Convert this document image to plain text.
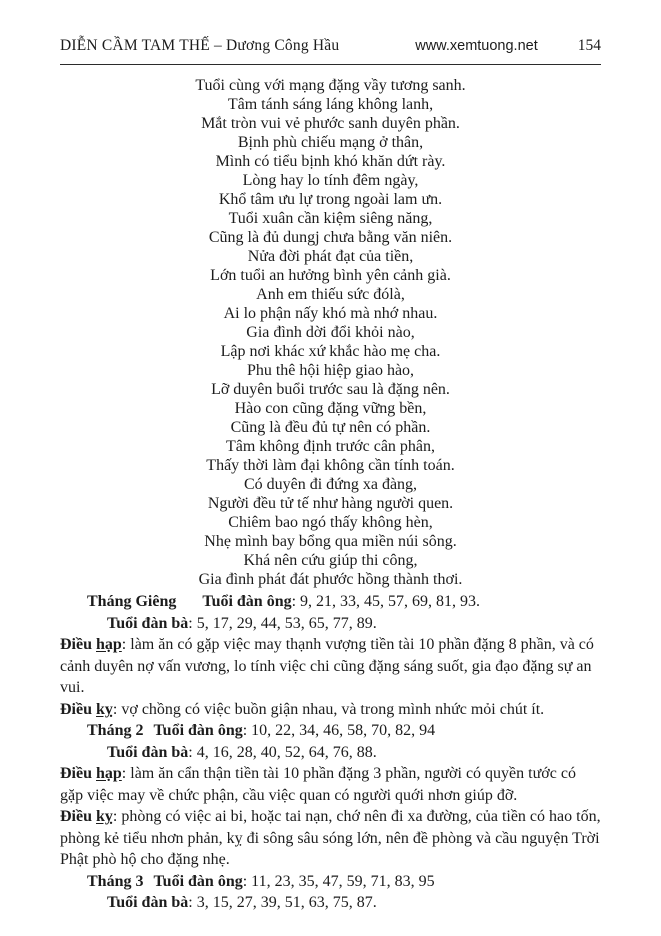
DIỄN CẦM TAM THẾ – Dương Công Hầu	www.xemtuong.net	154
Tuổi cùng với mạng đặng vầy tương sanh.
Tâm tánh sáng láng không lanh,
Mắt tròn vui vẻ phước sanh duyên phần.
Bịnh phù chiếu mạng ở thân,
Mình có tiểu bịnh khó khăn dứt rày.
Lòng hay lo tính đêm ngày,
Khổ tâm ưu lự trong ngoài lam ưn.
Tuổi xuân cần kiệm siêng năng,
Cũng là đủ dungj chưa bằng văn niên.
Nửa đời phát đạt của tiền,
Lớn tuổi an hưởng bình yên cảnh già.
Anh em thiếu sức đólà,
Ai lo phận nấy khó mà nhớ nhau.
Gia đình dời đổi khỏi nào,
Lập nơi khác xứ khắc hào mẹ cha.
Phu thê hội hiệp giao hào,
Lỡ duyên buổi trước sau là đặng nên.
Hào con cũng đặng vững bền,
Cũng là đều đủ tự nên có phần.
Tâm không định trước cân phân,
Thấy thời làm đại không cần tính toán.
Có duyên đi đứng xa đàng,
Người đều tử tế như hàng người quen.
Chiêm bao ngó thấy không hèn,
Nhẹ mình bay bổng qua miền núi sông.
Khá nên cứu giúp thi công,
Gia đình phát đát phước hồng thành thơi.

Tháng Giêng Tuổi đàn ông: 9, 21, 33, 45, 57, 69, 81, 93.

Tuổi đàn bà: 5, 17, 29, 44, 53, 65, 77, 89.

Điều hạp: làm ăn có gặp việc may thạnh vượng tiền tài 10 phần đặng 8 phần, và có cảnh duyên nợ vấn vương, lo tính việc chi cũng đặng sáng suốt, gia đạo đặng sự an vui.

Điều kỵ: vợ chồng có việc buồn giận nhau, và trong mình nhức mỏi chút ít.

Tháng 2 Tuổi đàn ông: 10, 22, 34, 46, 58, 70, 82, 94

Tuổi đàn bà: 4, 16, 28, 40, 52, 64, 76, 88.

Điều hạp: làm ăn cẩn thận tiền tài 10 phần đặng 3 phần, người có quyền tước có gặp việc may về chức phận, cầu việc quan có người quới nhơn giúp đỡ.

Điều kỵ: phòng có việc ai bi, hoặc tai nạn, chớ nên đi xa đường, của tiền có hao tốn, phòng kẻ tiểu nhơn phản, kỵ đi sông sâu sóng lớn, nên đề phòng và cầu nguyện Trời Phật phò hộ cho đặng nhẹ.

Tháng 3 Tuổi đàn ông: 11, 23, 35, 47, 59, 71, 83, 95

Tuổi đàn bà: 3, 15, 27, 39, 51, 63, 75, 87.
